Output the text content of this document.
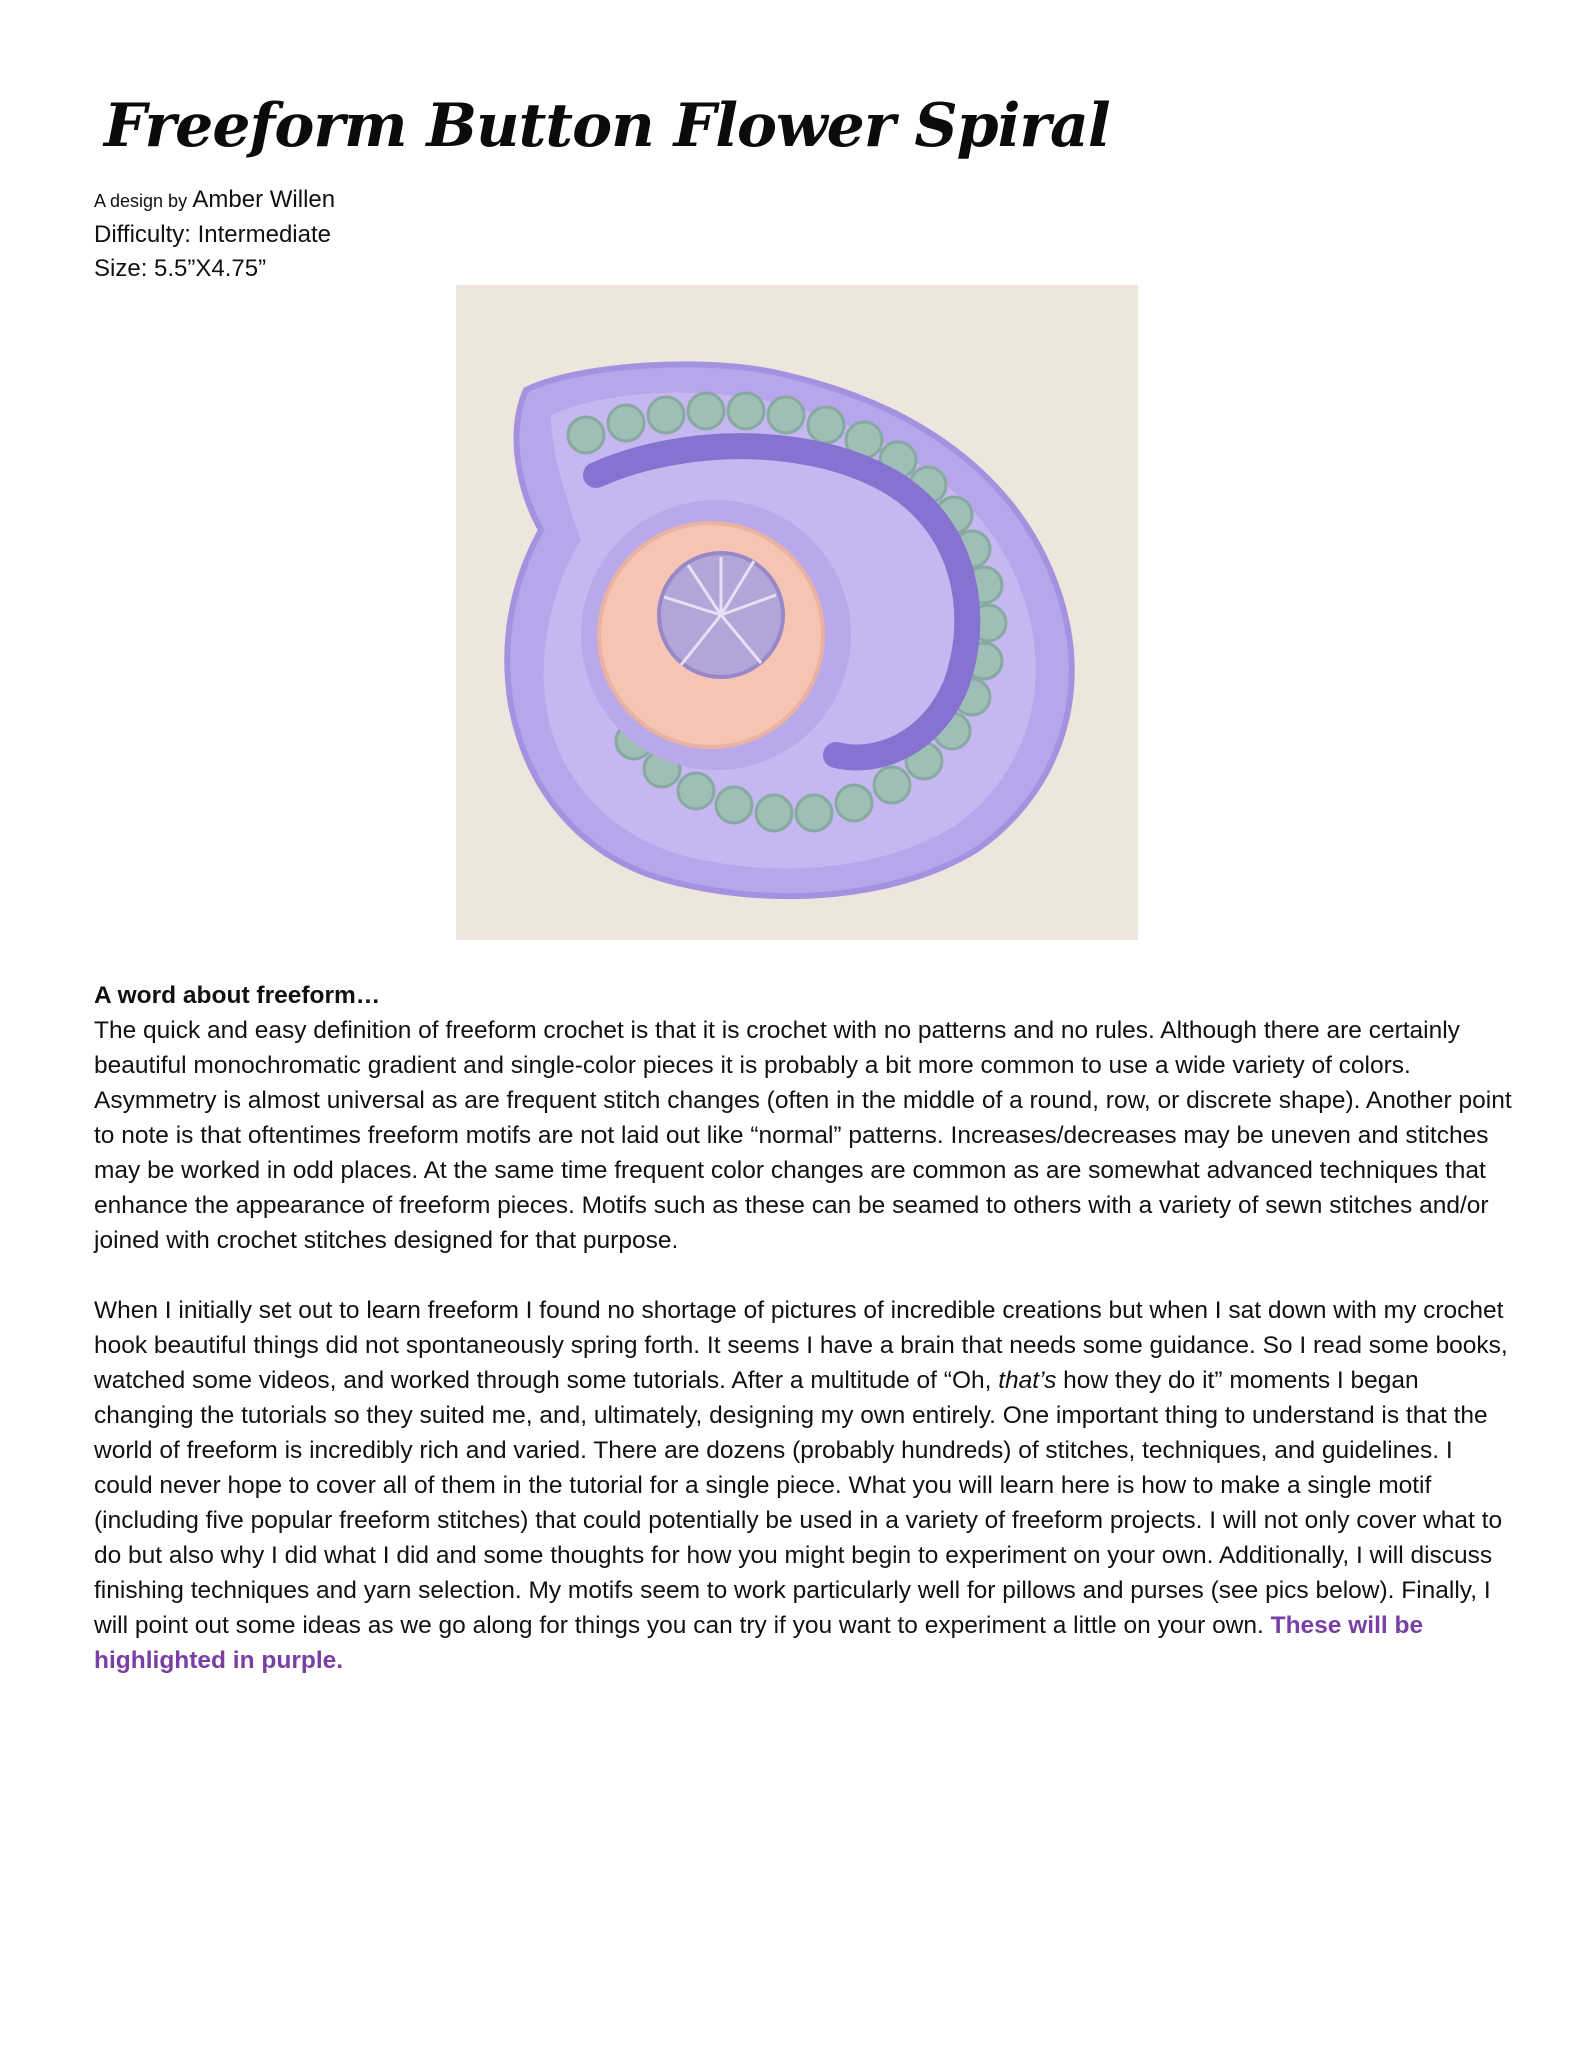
Freeform Button Flower Spiral
A design by Amber Willen
Difficulty: Intermediate
Size: 5.5”X4.75”

A word about freeform…

The quick and easy definition of freeform crochet is that it is crochet with no patterns and no rules. Although there are certainly beautiful monochromatic gradient and single-color pieces it is probably a bit more common to use a wide variety of colors. Asymmetry is almost universal as are frequent stitch changes (often in the middle of a round, row, or discrete shape). Another point to note is that oftentimes freeform motifs are not laid out like “normal” patterns. Increases/decreases may be uneven and stitches may be worked in odd places. At the same time frequent color changes are common as are somewhat advanced techniques that enhance the appearance of freeform pieces. Motifs such as these can be seamed to others with a variety of sewn stitches and/or joined with crochet stitches designed for that purpose.

When I initially set out to learn freeform I found no shortage of pictures of incredible creations but when I sat down with my crochet hook beautiful things did not spontaneously spring forth. It seems I have a brain that needs some guidance. So I read some books, watched some videos, and worked through some tutorials. After a multitude of “Oh, that’s how they do it” moments I began changing the tutorials so they suited me, and, ultimately, designing my own entirely. One important thing to understand is that the world of freeform is incredibly rich and varied. There are dozens (probably hundreds) of stitches, techniques, and guidelines. I could never hope to cover all of them in the tutorial for a single piece. What you will learn here is how to make a single motif (including five popular freeform stitches) that could potentially be used in a variety of freeform projects. I will not only cover what to do but also why I did what I did and some thoughts for how you might begin to experiment on your own. Additionally, I will discuss finishing techniques and yarn selection. My motifs seem to work particularly well for pillows and purses (see pics below). Finally, I will point out some ideas as we go along for things you can try if you want to experiment a little on your own. These will be highlighted in purple.
